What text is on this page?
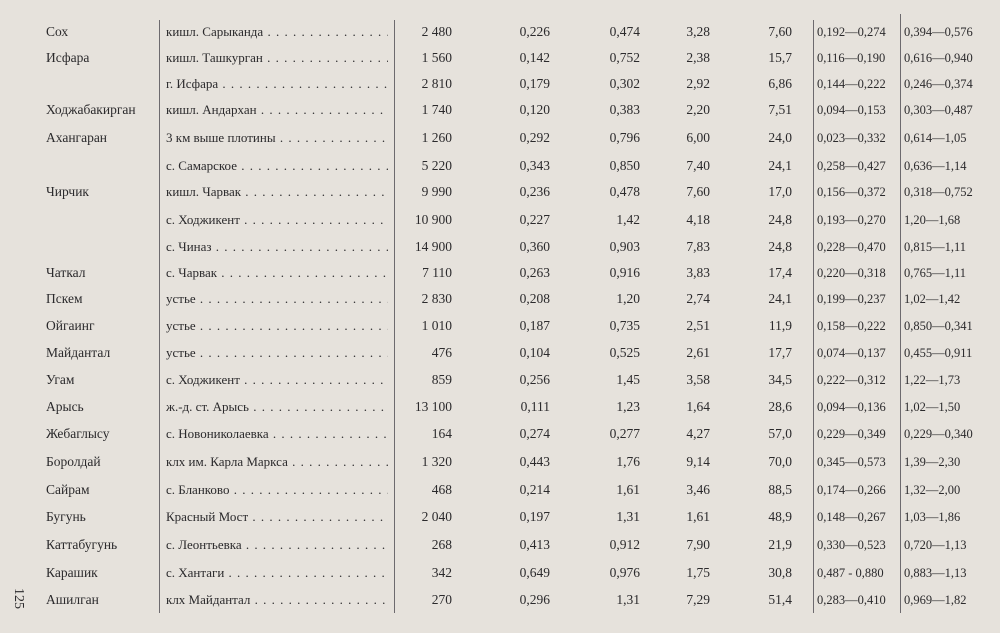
Сох	кишл. Сарыканда . . .	2 480	0,226	0,474	3,28	7,60 0,192—0,274	0,394—0,576
Исфара	кишл. Ташкурган . . .	1 560	0,142	0,752	2,38	15,7 0,116—0,190	0,616—0,940
г. Исфара . . .	2 810	0,179	0,302	2,92	6,86 0,144—0,222	0,246—0,374
Ходжабакирган	кишл. Андархан . . .	1 740	0,120	0,383	2,20	7,51 0,094—0,153	0,303—0,487
Ахангаран	3 км выше плотины . . .	1 260	0,292	0,796	6,00	24,0 0,023—0,332	0,614—1,05
с. Самарское . . .	5 220	0,343	0,850	7,40	24,1 0,258—0,427	0,636—1,14
Чирчик	кишл. Чарвак . . .	9 990	0,236	0,478	7,60	17,0 0,156—0,372	0,318—0,752
с. Ходжикент . . .	10 900	0,227	1,42	4,18	24,8 0,193—0,270	1,20—1,68
с. Чиназ . . .	14 900	0,360	0,903	7,83	24,8 0,228—0,470	0,815—1,11
Чаткал	с. Чарвак . . .	7 110	0,263	0,916	3,83	17,4 0,220—0,318	0,765—1,11
Пскем	устье . . .	2 830	0,208	1,20	2,74	24,1 0,199—0,237	1,02—1,42
Ойгаинг	устье . . .	1 010	0,187	0,735	2,51	11,9 0,158—0,222	0,850—0,341
Майдантал	устье . . .	476	0,104	0,525	2,61	17,7 0,074—0,137	0,455—0,911
Угам	с. Ходжикент . . .	859	0,256	1,45	3,58	34,5 0,222—0,312	1,22—1,73
Арысь	ж.-д. ст. Арысь . . .	13 100	0,111	1,23	1,64	28,6 0,094—0,136	1,02—1,50
Жебаглысу	с. Новониколаевка . . .	164	0,274	0,277	4,27	57,0 0,229—0,349	0,229—0,340
Боролдай	клх им. Карла Маркса . . .	1 320	0,443	1,76	9,14	70,0 0,345—0,573	1,39—2,30
Сайрам	с. Бланково . . .	468	0,214	1,61	3,46	88,5 0,174—0,266	1,32—2,00
Бугунь	Красный Мост . . .	2 040	0,197	1,31	1,61	48,9 0,148—0,267	1,03—1,86
Каттабугунь	с. Леонтьевка . . .	268	0,413	0,912	7,90	21,9 0,330—0,523	0,720—1,13
Карашик	с. Хантаги . . .	342	0,649	0,976	1,75	30,8 0,487 - 0,880	0,883—1,13
Ашилган	клх Майдантал . . .	270	0,296	1,31	7,29	51,4 0,283—0,410	0,969—1,82
125
